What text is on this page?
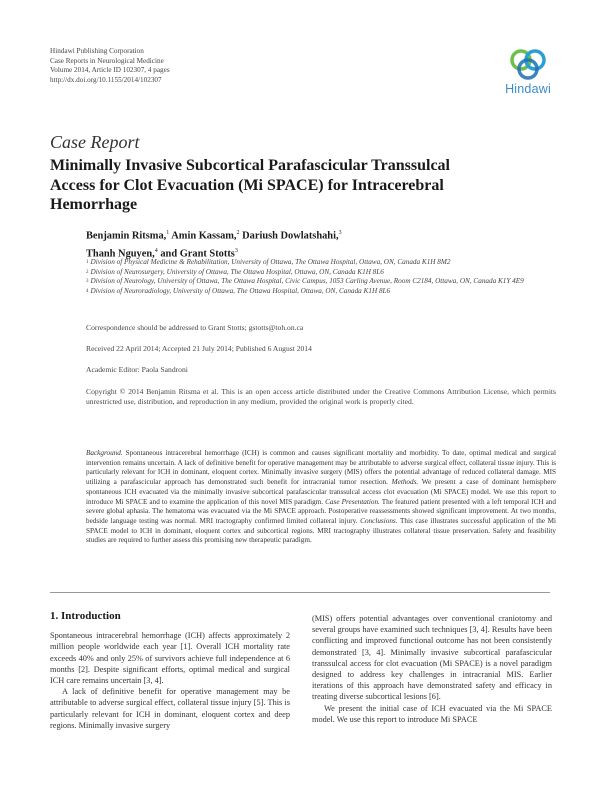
Hindawi Publishing Corporation
Case Reports in Neurological Medicine
Volume 2014, Article ID 102307, 4 pages
http://dx.doi.org/10.1155/2014/102307
Hindawi
Case Report
Minimally Invasive Subcortical Parafascicular Transsulcal Access for Clot Evacuation (Mi SPACE) for Intracerebral Hemorrhage
Benjamin Ritsma,$^1$ Amin Kassam,$^2$ Dariush Dowlatshahi,$^3$
Thanh Nguyen,$^4$ and Grant Stotts$^3$
1 Division of Physical Medicine & Rehabilitation, University of Ottawa, The Ottawa Hospital, Ottawa, ON, Canada K1H 8M2
2 Division of Neurosurgery, University of Ottawa, The Ottawa Hospital, Ottawa, ON, Canada K1H 8L6
3 Division of Neurology, University of Ottawa, The Ottawa Hospital, Civic Campus, 1053 Carling Avenue, Room C2184, Ottawa, ON, Canada K1Y 4E9
4 Division of Neuroradiology, University of Ottawa, The Ottawa Hospital, Ottawa, ON, Canada K1H 8L6
Correspondence should be addressed to Grant Stotts; gstotts@toh.on.ca
Received 22 April 2014; Accepted 21 July 2014; Published 6 August 2014
Academic Editor: Paola Sandroni
Copyright © 2014 Benjamin Ritsma et al. This is an open access article distributed under the Creative Commons Attribution License, which permits unrestricted use, distribution, and reproduction in any medium, provided the original work is properly cited.
Background. Spontaneous intracerebral hemorrhage (ICH) is common and causes significant mortality and morbidity. To date, optimal medical and surgical intervention remains uncertain. A lack of definitive benefit for operative management may be attributable to adverse surgical effect, collateral tissue injury. This is particularly relevant for ICH in dominant, eloquent cortex. Minimally invasive surgery (MIS) offers the potential advantage of reduced collateral damage. MIS utilizing a parafascicular approach has demonstrated such benefit for intracranial tumor resection. Methods. We present a case of dominant hemisphere spontaneous ICH evacuated via the minimally invasive subcortical parafascicular transsulcal access clot evacuation (Mi SPACE) model. We use this report to introduce Mi SPACE and to examine the application of this novel MIS paradigm. Case Presentation. The featured patient presented with a left temporal ICH and severe global aphasia. The hematoma was evacuated via the Mi SPACE approach. Postoperative reassessments showed significant improvement. At two months, bedside language testing was normal. MRI tractography confirmed limited collateral injury. Conclusions. This case illustrates successful application of the Mi SPACE model to ICH in dominant, eloquent cortex and subcortical regions. MRI tractography illustrates collateral tissue preservation. Safety and feasibility studies are required to further assess this promising new therapeutic paradigm.
1. Introduction

Spontaneous intracerebral hemorrhage (ICH) affects approximately 2 million people worldwide each year [1]. Overall ICH mortality rate exceeds 40% and only 25% of survivors achieve full independence at 6 months [2]. Despite significant efforts, optimal medical and surgical ICH care remains uncertain [3, 4].

A lack of definitive benefit for operative management may be attributable to adverse surgical effect, collateral tissue injury [5]. This is particularly relevant for ICH in dominant, eloquent cortex and deep regions. Minimally invasive surgery

(MIS) offers potential advantages over conventional craniotomy and several groups have examined such techniques [3, 4]. Results have been conflicting and improved functional outcome has not been consistently demonstrated [3, 4]. Minimally invasive subcortical parafascicular transsulcal access for clot evacuation (Mi SPACE) is a novel paradigm designed to address key challenges in intracranial MIS. Earlier iterations of this approach have demonstrated safety and efficacy in treating diverse subcortical lesions [6].

We present the initial case of ICH evacuated via the Mi SPACE model. We use this report to introduce Mi SPACE
